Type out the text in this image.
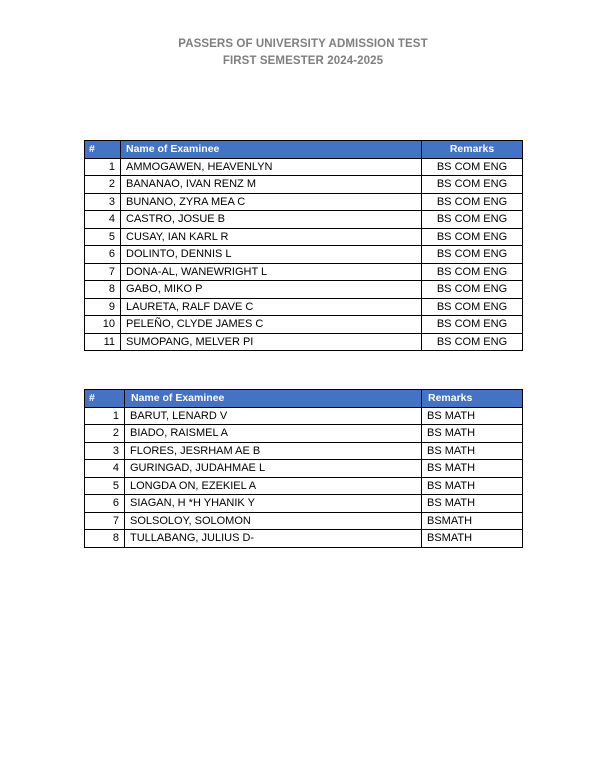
PASSERS OF UNIVERSITY ADMISSION TEST
FIRST SEMESTER 2024-2025
#	Name of Examinee	Remarks
1	AMMOGAWEN, HEAVENLYN	BS COM ENG
2	BANANAO, IVAN RENZ M	BS COM ENG
3	BUNANO, ZYRA MEA C	BS COM ENG
4	CASTRO, JOSUE B	BS COM ENG
5	CUSAY, IAN KARL R	BS COM ENG
6	DOLINTO, DENNIS L	BS COM ENG
7	DONA-AL, WANEWRIGHT L	BS COM ENG
8	GABO, MIKO P	BS COM ENG
9	LAURETA, RALF DAVE C	BS COM ENG
10	PELEÑO, CLYDE JAMES C	BS COM ENG
11	SUMOPANG, MELVER PI	BS COM ENG
#	Name of Examinee	Remarks
1	BARUT, LENARD V	BS MATH
2	BIADO, RAISMEL A	BS MATH
3	FLORES, JESRHAM AE B	BS MATH
4	GURINGAD, JUDAHMAE L	BS MATH
5	LONGDA ON, EZEKIEL A	BS MATH
6	SIAGAN, H *H YHANIK Y	BS MATH
7	SOLSOLOY, SOLOMON	BSMATH
8	TULLABANG, JULIUS D-	BSMATH
